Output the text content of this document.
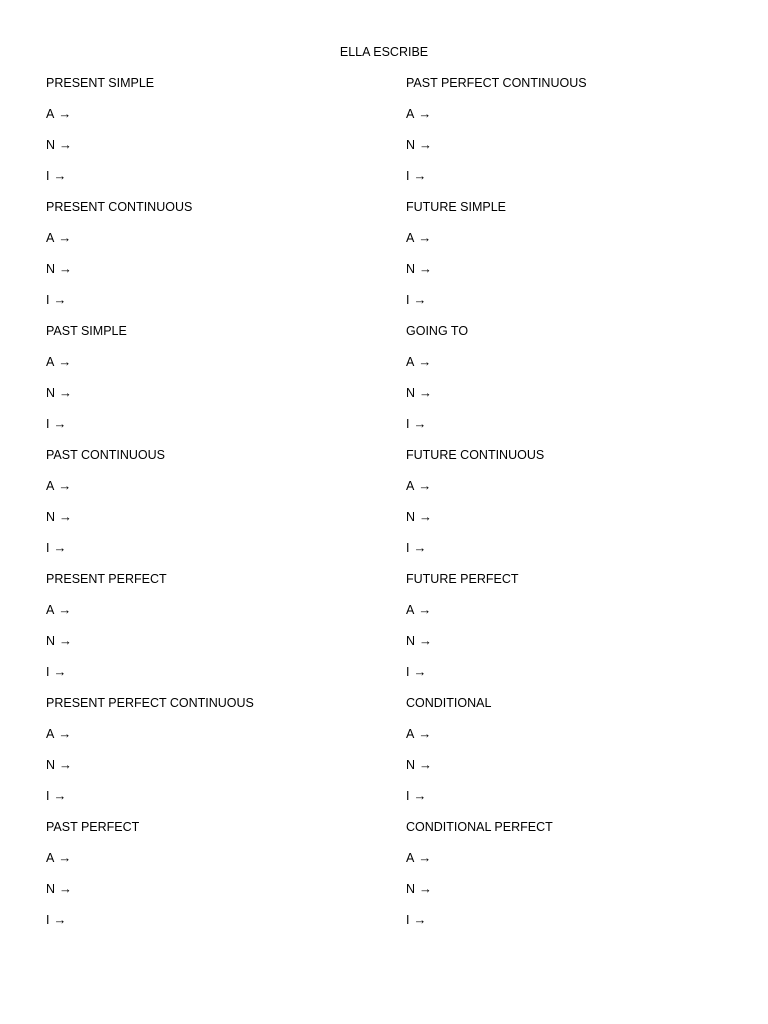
ELLA ESCRIBE
PRESENT SIMPLE
A →
N →
I →
PRESENT CONTINUOUS
A →
N →
I →
PAST SIMPLE
A →
N →
I →
PAST CONTINUOUS
A →
N →
I →
PRESENT PERFECT
A →
N →
I →
PRESENT PERFECT CONTINUOUS
A →
N →
I →
PAST PERFECT
A →
N →
I →
PAST PERFECT CONTINUOUS
A →
N →
I →
FUTURE SIMPLE
A →
N →
I →
GOING TO
A →
N →
I →
FUTURE CONTINUOUS
A →
N →
I →
FUTURE PERFECT
A →
N →
I →
CONDITIONAL
A →
N →
I →
CONDITIONAL PERFECT
A →
N →
I →
